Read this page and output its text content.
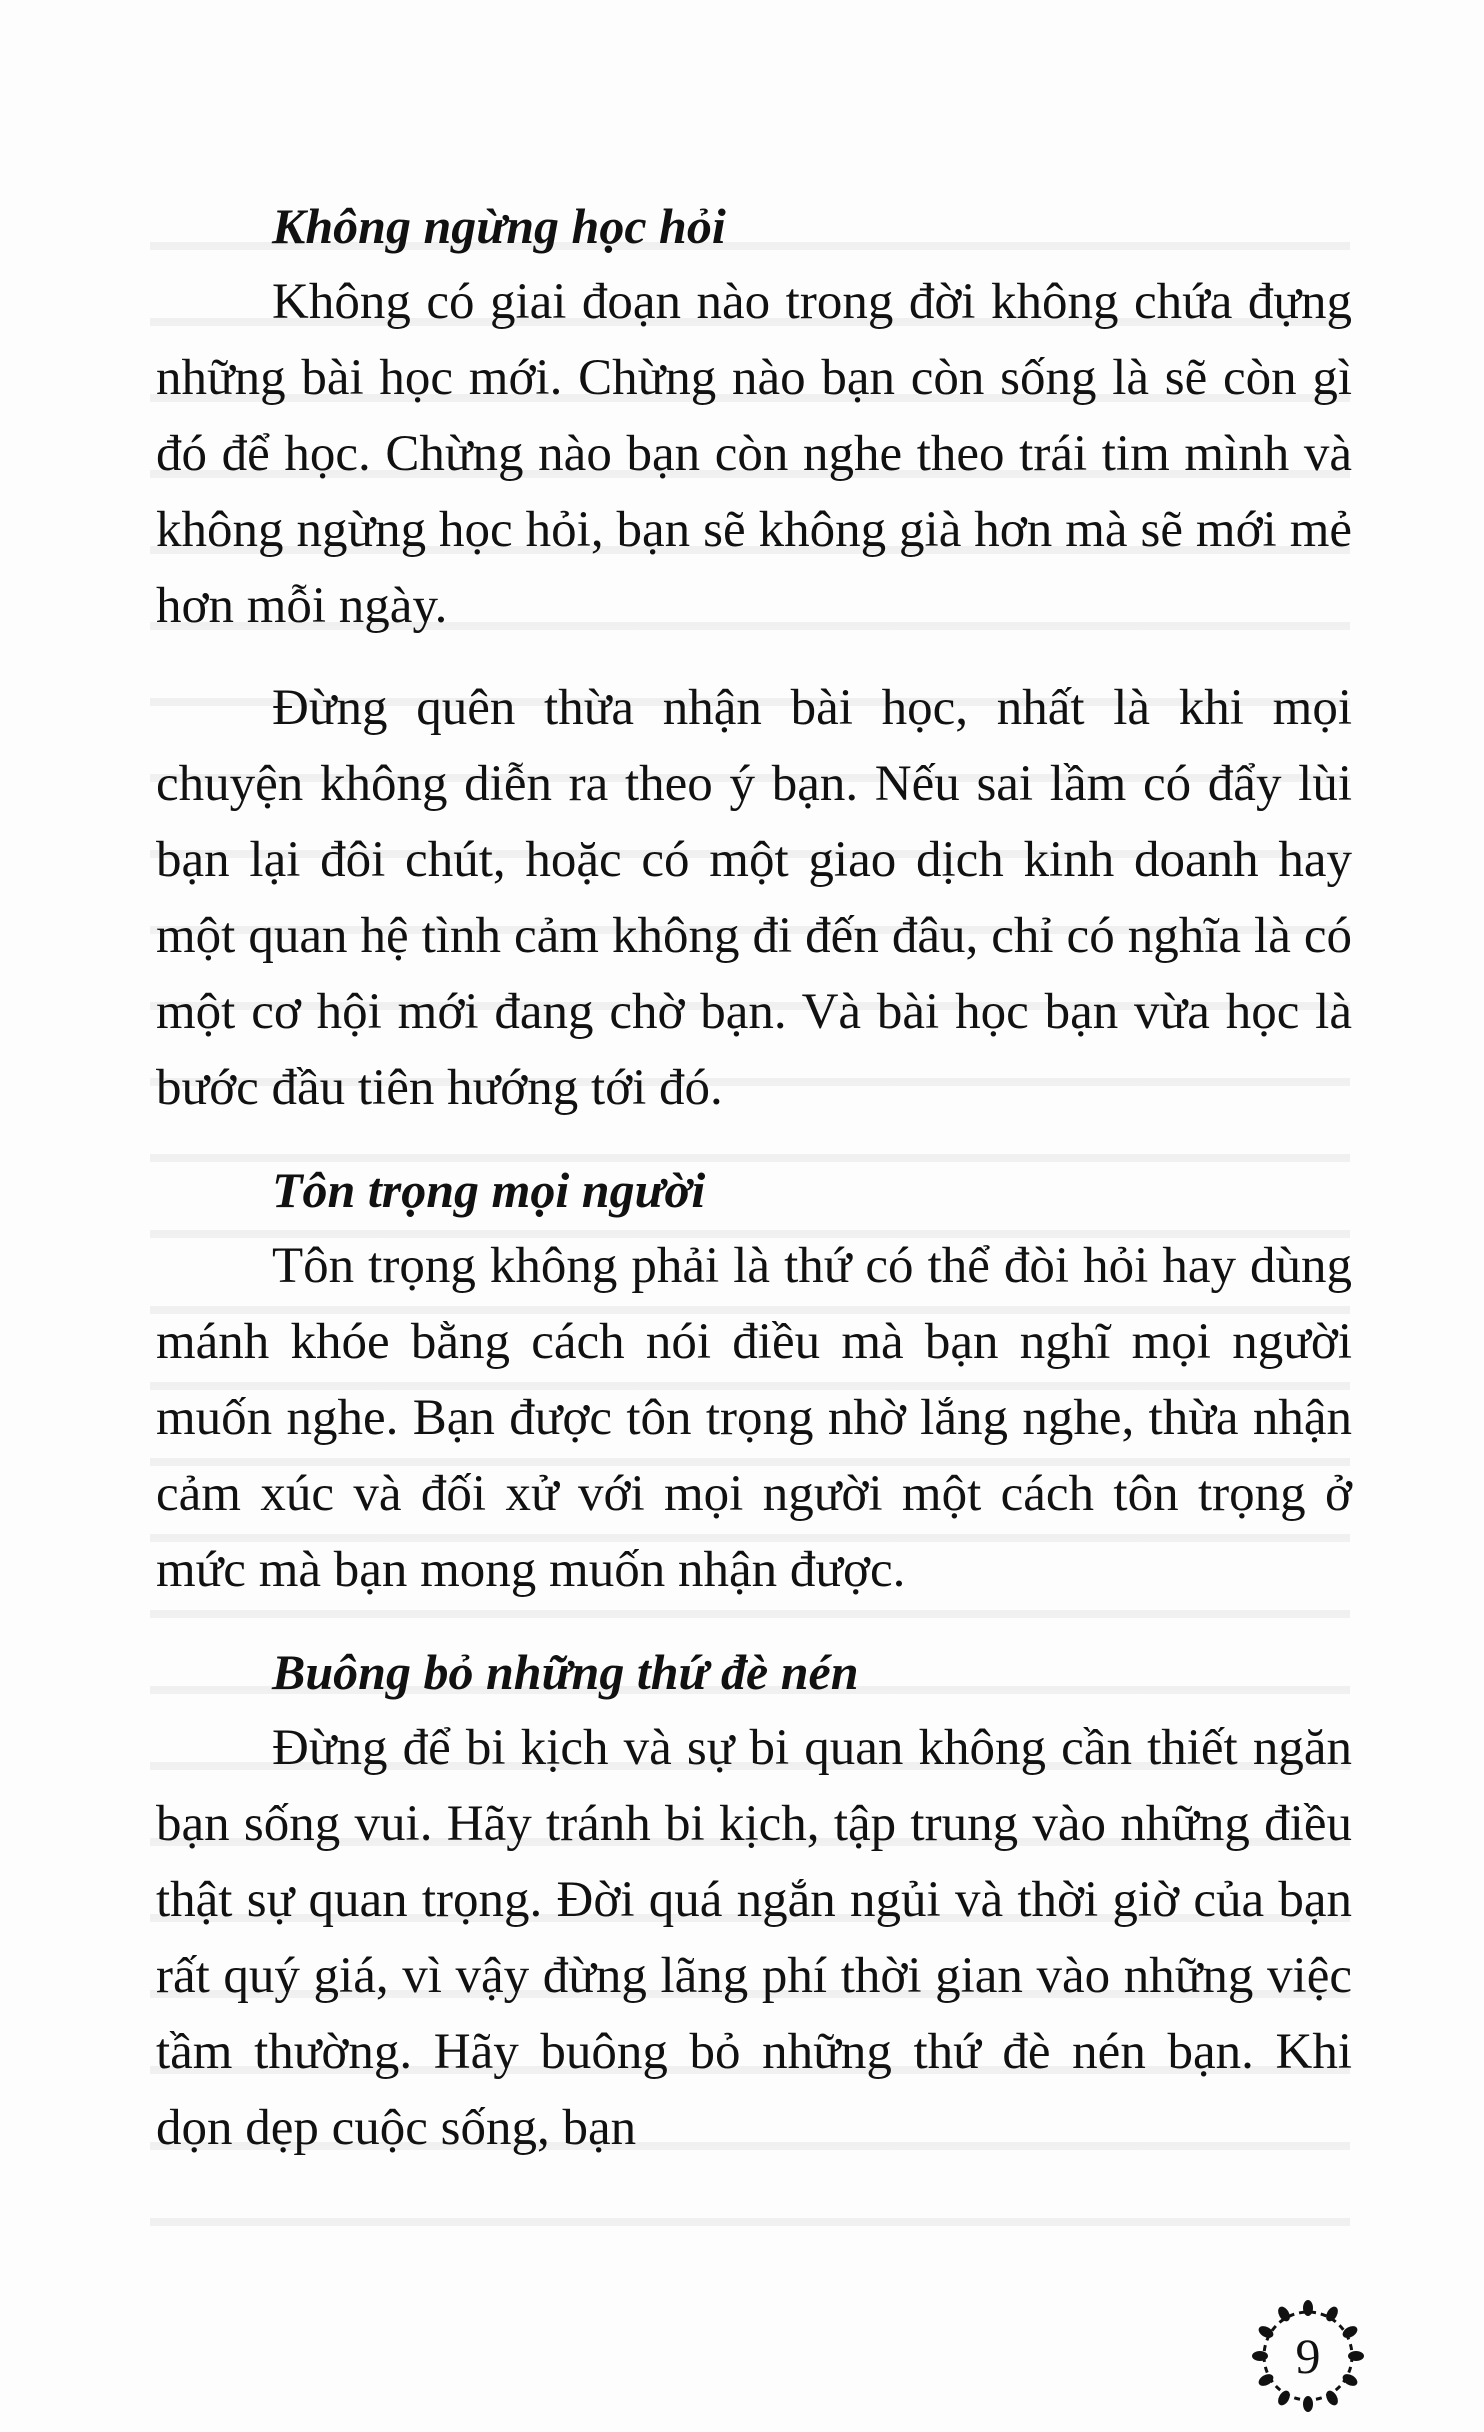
Không ngừng học hỏi

Không có giai đoạn nào trong đời không chứa đựng những bài học mới. Chừng nào bạn còn sống là sẽ còn gì đó để học. Chừng nào bạn còn nghe theo trái tim mình và không ngừng học hỏi, bạn sẽ không già hơn mà sẽ mới mẻ hơn mỗi ngày.

Đừng quên thừa nhận bài học, nhất là khi mọi chuyện không diễn ra theo ý bạn. Nếu sai lầm có đẩy lùi bạn lại đôi chút, hoặc có một giao dịch kinh doanh hay một quan hệ tình cảm không đi đến đâu, chỉ có nghĩa là có một cơ hội mới đang chờ bạn. Và bài học bạn vừa học là bước đầu tiên hướng tới đó.

Tôn trọng mọi người

Tôn trọng không phải là thứ có thể đòi hỏi hay dùng mánh khóe bằng cách nói điều mà bạn nghĩ mọi người muốn nghe. Bạn được tôn trọng nhờ lắng nghe, thừa nhận cảm xúc và đối xử với mọi người một cách tôn trọng ở mức mà bạn mong muốn nhận được.

Buông bỏ những thứ đè nén

Đừng để bi kịch và sự bi quan không cần thiết ngăn bạn sống vui. Hãy tránh bi kịch, tập trung vào những điều thật sự quan trọng. Đời quá ngắn ngủi và thời giờ của bạn rất quý giá, vì vậy đừng lãng phí thời gian vào những việc tầm thường. Hãy buông bỏ những thứ đè nén bạn. Khi dọn dẹp cuộc sống, bạn

9
